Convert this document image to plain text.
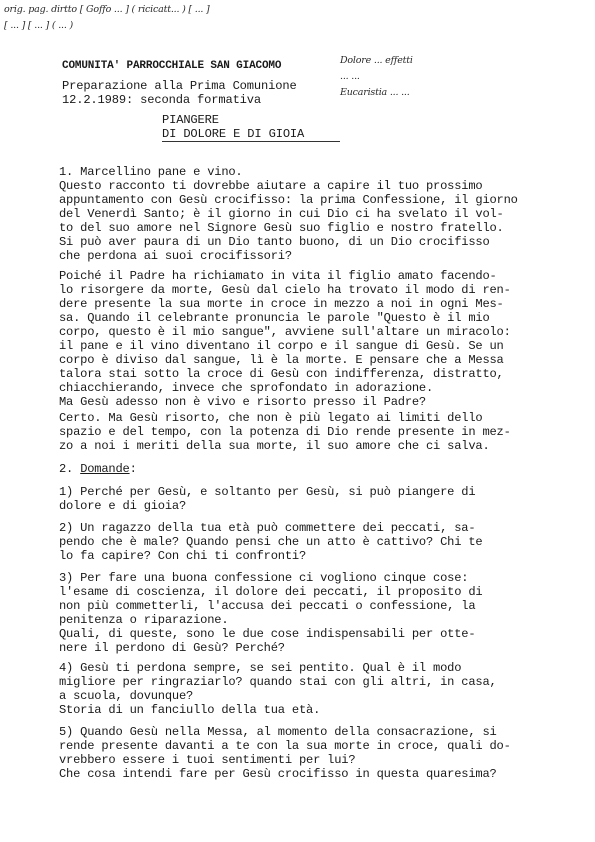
orig. pag. dirtto [ Goffo ... ] ( ricicatt... ) [ ... ]
[ ... ] [ ... ] ( ... )
Dolore ... effetti
... ...
Eucaristia ... ...
COMUNITA' PARROCCHIALE SAN GIACOMO
Preparazione alla Prima Comunione
12.2.1989: seconda formativa
PIANGERE
DI DOLORE E DI GIOIA
1. Marcellino pane e vino.
Questo racconto ti dovrebbe aiutare a capire il tuo prossimo
appuntamento con Gesù crocifisso: la prima Confessione, il giorno
del Venerdì Santo; è il giorno in cui Dio ci ha svelato il vol-
to del suo amore nel Signore Gesù suo figlio e nostro fratello.
Si può aver paura di un Dio tanto buono, di un Dio crocifisso
che perdona ai suoi crocifissori?
Poiché il Padre ha richiamato in vita il figlio amato facendo-
lo risorgere da morte, Gesù dal cielo ha trovato il modo di ren-
dere presente la sua morte in croce in mezzo a noi in ogni Mes-
sa. Quando il celebrante pronuncia le parole "Questo è il mio
corpo, questo è il mio sangue", avviene sull'altare un miracolo:
il pane e il vino diventano il corpo e il sangue di Gesù. Se un
corpo è diviso dal sangue, lì è la morte. E pensare che a Messa
talora stai sotto la croce di Gesù con indifferenza, distratto,
chiacchierando, invece che sprofondato in adorazione.
Ma Gesù adesso non è vivo e risorto presso il Padre?
Certo. Ma Gesù risorto, che non è più legato ai limiti dello
spazio e del tempo, con la potenza di Dio rende presente in mez-
zo a noi i meriti della sua morte, il suo amore che ci salva.
2. Domande:
1) Perché per Gesù, e soltanto per Gesù, si può piangere di
dolore e di gioia?
2) Un ragazzo della tua età può commettere dei peccati, sa-
pendo che è male? Quando pensi che un atto è cattivo? Chi te
lo fa capire? Con chi ti confronti?
3) Per fare una buona confessione ci vogliono cinque cose:
l'esame di coscienza, il dolore dei peccati, il proposito di
non più commetterli, l'accusa dei peccati o confessione, la
penitenza o riparazione.
Quali, di queste, sono le due cose indispensabili per otte-
nere il perdono di Gesù? Perché?
4) Gesù ti perdona sempre, se sei pentito. Qual è il modo
migliore per ringraziarlo? quando stai con gli altri, in casa,
a scuola, dovunque?
Storia di un fanciullo della tua età.
5) Quando Gesù nella Messa, al momento della consacrazione, si
rende presente davanti a te con la sua morte in croce, quali do-
vrebbero essere i tuoi sentimenti per lui?
Che cosa intendi fare per Gesù crocifisso in questa quaresima?
